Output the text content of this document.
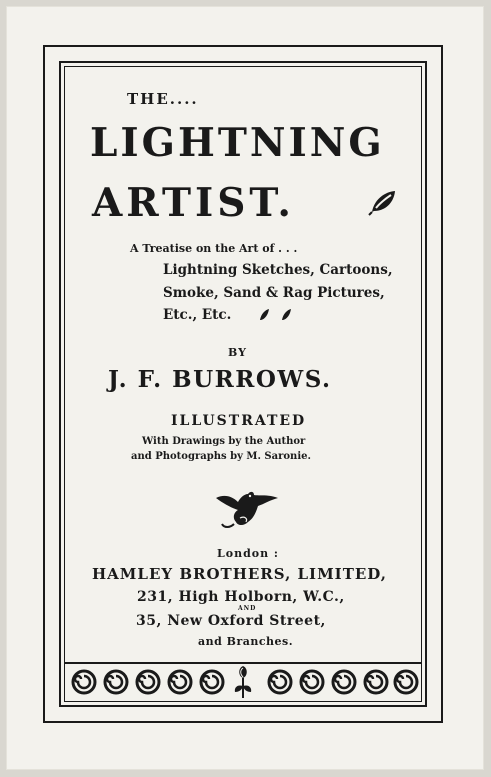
THE....
LIGHTNING
ARTIST.
A Treatise on the Art of . . .
Lightning Sketches, Cartoons,
Smoke, Sand & Rag Pictures,
Etc., Etc.
BY
J. F. BURROWS.
ILLUSTRATED
With Drawings by the Author
and Photographs by M. Saronie.
London :
HAMLEY BROTHERS, LIMITED,
231, High Holborn, W.C.,
AND
35, New Oxford Street,
and Branches.
